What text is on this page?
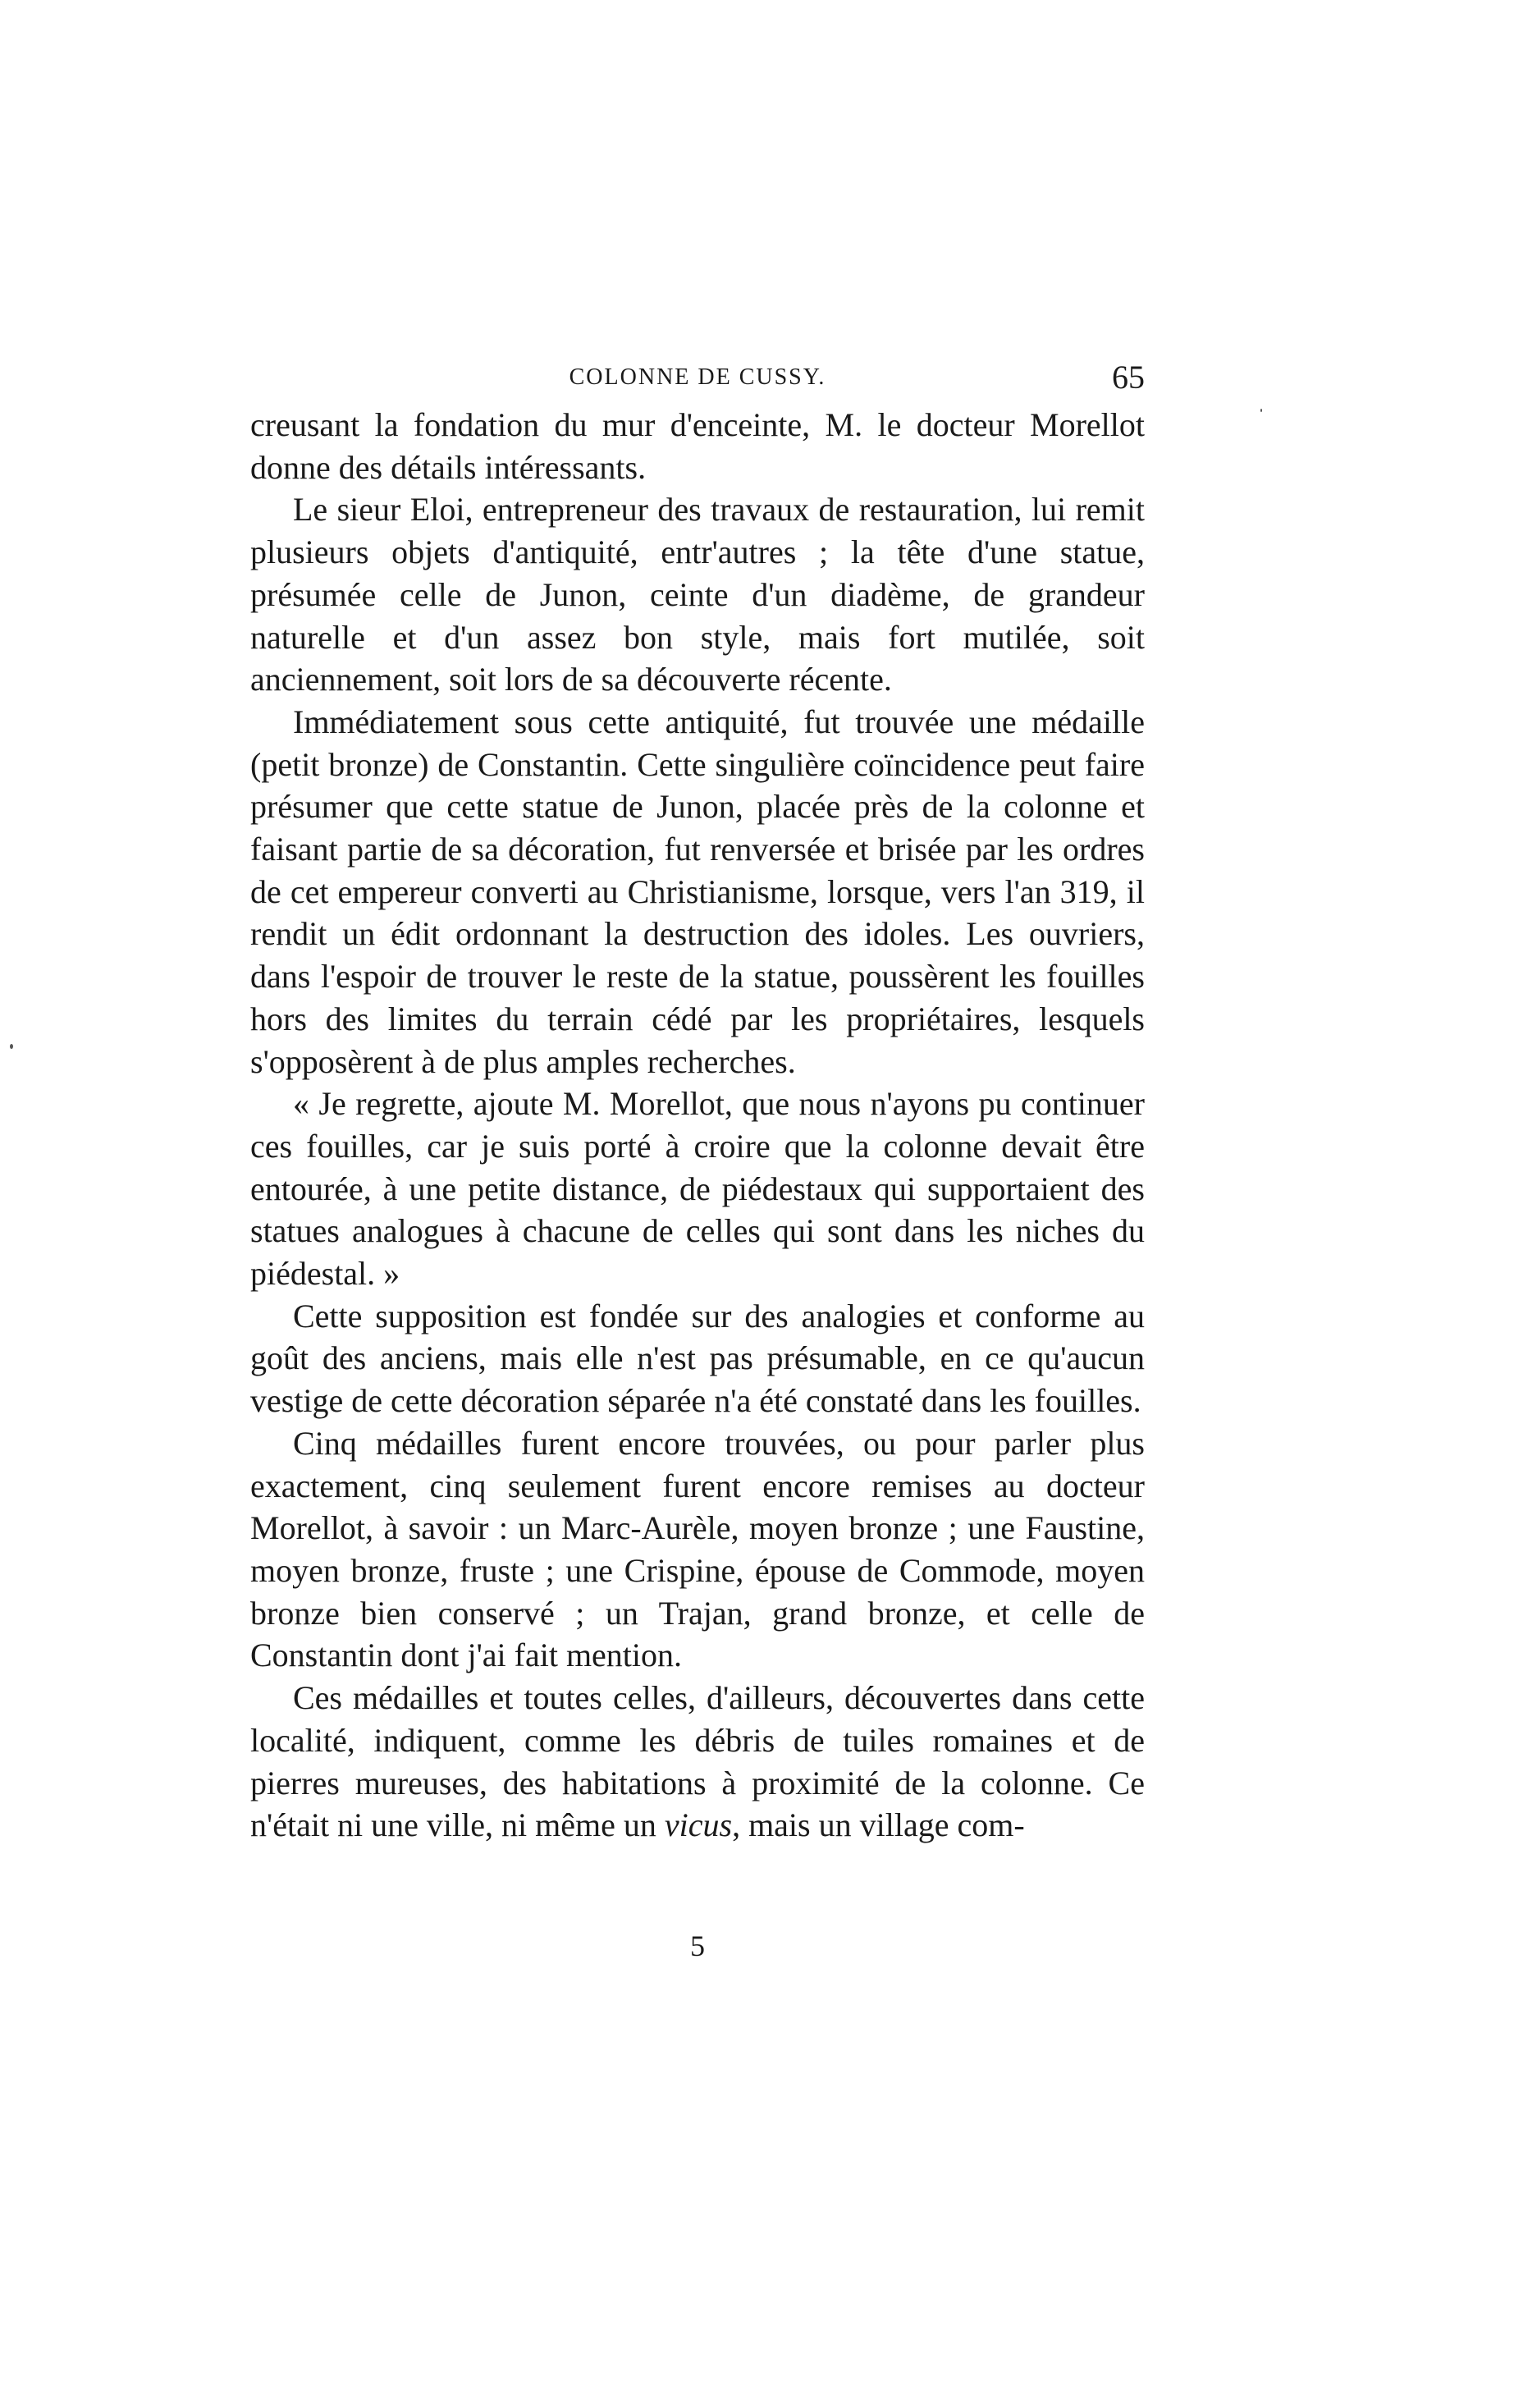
COLONNE DE CUSSY.	65

creusant la fondation du mur d'enceinte, M. le docteur Morellot donne des détails intéressants.

Le sieur Eloi, entrepreneur des travaux de restauration, lui remit plusieurs objets d'antiquité, entr'autres ; la tête d'une statue, présumée celle de Junon, ceinte d'un diadème, de grandeur naturelle et d'un assez bon style, mais fort mutilée, soit anciennement, soit lors de sa découverte récente.

Immédiatement sous cette antiquité, fut trouvée une médaille (petit bronze) de Constantin. Cette singulière coïncidence peut faire présumer que cette statue de Junon, placée près de la colonne et faisant partie de sa décoration, fut renversée et brisée par les ordres de cet empereur converti au Christianisme, lorsque, vers l'an 319, il rendit un édit ordonnant la destruction des idoles. Les ouvriers, dans l'espoir de trouver le reste de la statue, poussèrent les fouilles hors des limites du terrain cédé par les propriétaires, lesquels s'opposèrent à de plus amples recherches.

« Je regrette, ajoute M. Morellot, que nous n'ayons pu continuer ces fouilles, car je suis porté à croire que la colonne devait être entourée, à une petite distance, de piédestaux qui supportaient des statues analogues à chacune de celles qui sont dans les niches du piédestal. »

Cette supposition est fondée sur des analogies et conforme au goût des anciens, mais elle n'est pas présumable, en ce qu'aucun vestige de cette décoration séparée n'a été constaté dans les fouilles.

Cinq médailles furent encore trouvées, ou pour parler plus exactement, cinq seulement furent encore remises au docteur Morellot, à savoir : un Marc-Aurèle, moyen bronze ; une Faustine, moyen bronze, fruste ; une Crispine, épouse de Commode, moyen bronze bien conservé ; un Trajan, grand bronze, et celle de Constantin dont j'ai fait mention.

Ces médailles et toutes celles, d'ailleurs, découvertes dans cette localité, indiquent, comme les débris de tuiles romaines et de pierres mureuses, des habitations à proximité de la colonne. Ce n'était ni une ville, ni même un vicus, mais un village com-

5
